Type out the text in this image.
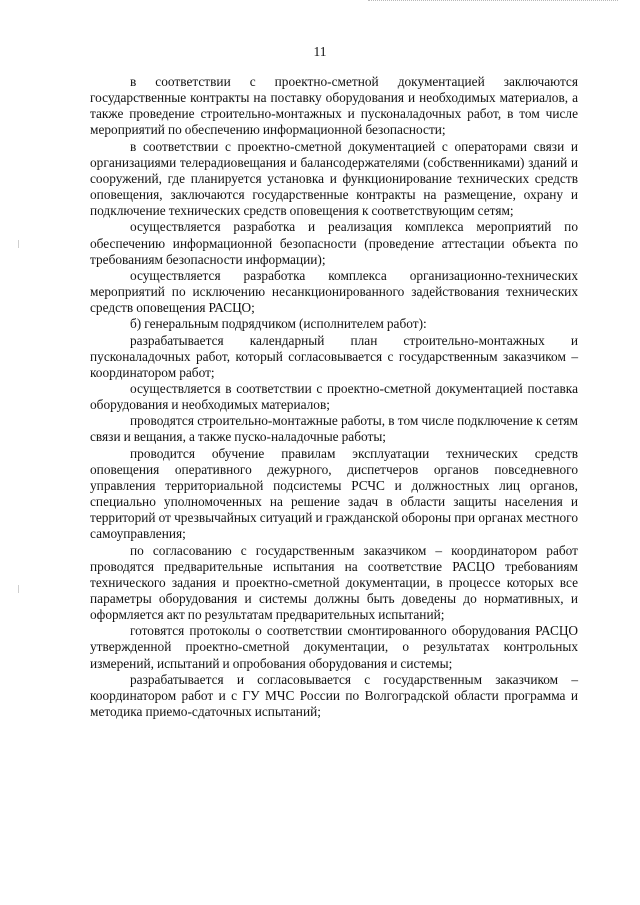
11

в соответствии с проектно-сметной документацией заключаются государственные контракты на поставку оборудования и необходимых материалов, а также проведение строительно-монтажных и пусконаладочных работ, в том числе мероприятий по обеспечению информационной безопасности;

в соответствии с проектно-сметной документацией с операторами связи и организациями телерадиовещания и балансодержателями (собственниками) зданий и сооружений, где планируется установка и функционирование технических средств оповещения, заключаются государственные контракты на размещение, охрану и подключение технических средств оповещения к соответствующим сетям;

осуществляется разработка и реализация комплекса мероприятий по обеспечению информационной безопасности (проведение аттестации объекта по требованиям безопасности информации);

осуществляется разработка комплекса организационно-технических мероприятий по исключению несанкционированного задействования технических средств оповещения РАСЦО;

б) генеральным подрядчиком (исполнителем работ):

разрабатывается календарный план строительно-монтажных и пусконаладочных работ, который согласовывается с государственным заказчиком – координатором работ;

осуществляется в соответствии с проектно-сметной документацией поставка оборудования и необходимых материалов;

проводятся строительно-монтажные работы, в том числе подключение к сетям связи и вещания, а также пуско-наладочные работы;

проводится обучение правилам эксплуатации технических средств оповещения оперативного дежурного, диспетчеров органов повседневного управления территориальной подсистемы РСЧС и должностных лиц органов, специально уполномоченных на решение задач в области защиты населения и территорий от чрезвычайных ситуаций и гражданской обороны при органах местного самоуправления;

по согласованию с государственным заказчиком – координатором работ проводятся предварительные испытания на соответствие РАСЦО требованиям технического задания и проектно-сметной документации, в процессе которых все параметры оборудования и системы должны быть доведены до нормативных, и оформляется акт по результатам предварительных испытаний;

готовятся протоколы о соответствии смонтированного оборудования РАСЦО утвержденной проектно-сметной документации, о результатах контрольных измерений, испытаний и опробования оборудования и системы;

разрабатывается и согласовывается с государственным заказчиком – координатором работ и с ГУ МЧС России по Волгоградской области программа и методика приемо-сдаточных испытаний;
